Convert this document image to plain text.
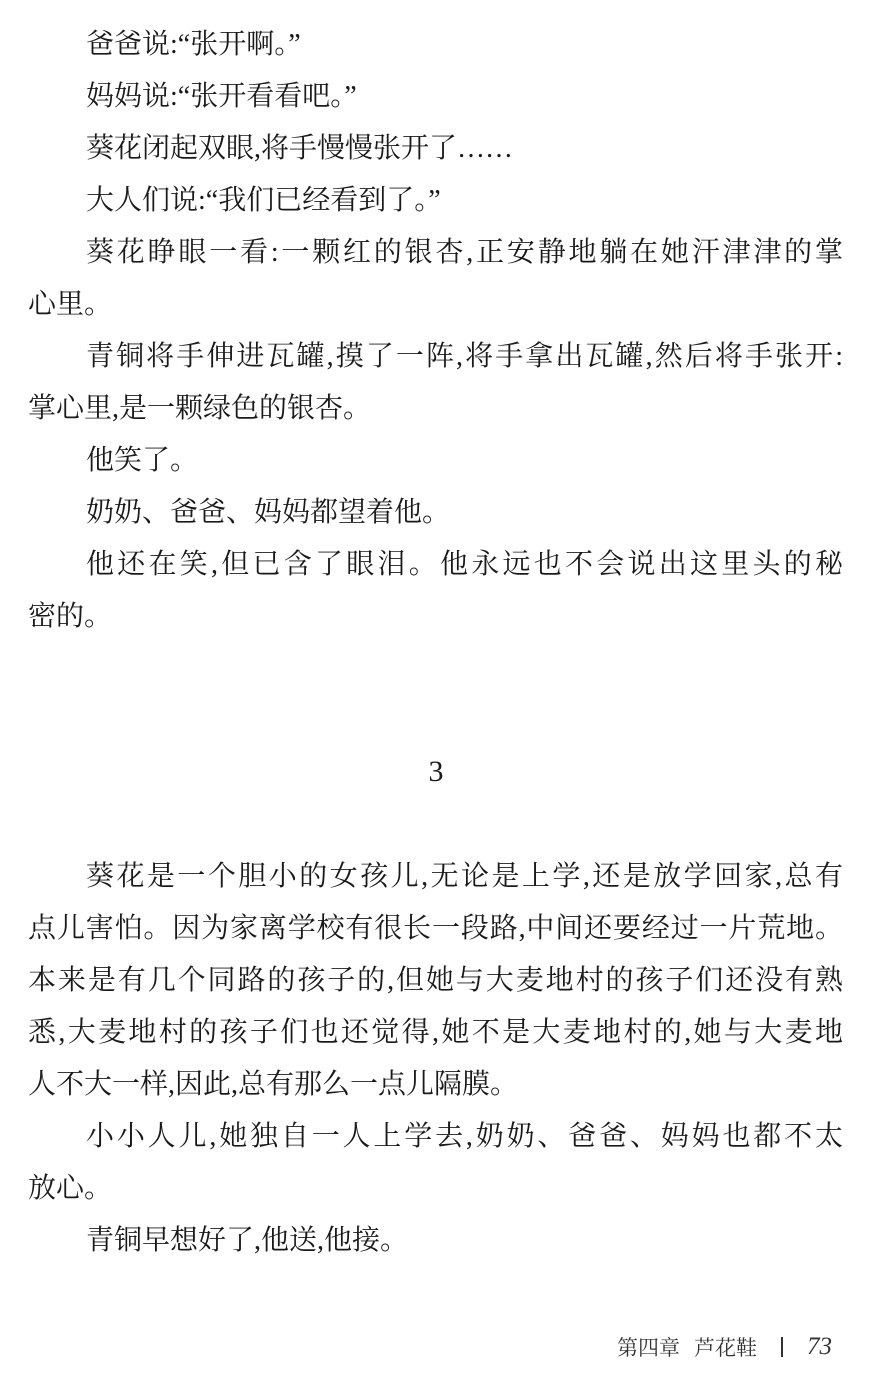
爸爸说:“张开啊。”

妈妈说:“张开看看吧。”

葵花闭起双眼,将手慢慢张开了……

大人们说:“我们已经看到了。”

葵花睁眼一看:一颗红的银杏,正安静地躺在她汗津津的掌
心里。

青铜将手伸进瓦罐,摸了一阵,将手拿出瓦罐,然后将手张开:
掌心里,是一颗绿色的银杏。

他笑了。

奶奶、爸爸、妈妈都望着他。

他还在笑,但已含了眼泪。他永远也不会说出这里头的秘
密的。

3

葵花是一个胆小的女孩儿,无论是上学,还是放学回家,总有
点儿害怕。因为家离学校有很长一段路,中间还要经过一片荒地。
本来是有几个同路的孩子的,但她与大麦地村的孩子们还没有熟
悉,大麦地村的孩子们也还觉得,她不是大麦地村的,她与大麦地
人不大一样,因此,总有那么一点儿隔膜。

小小人儿,她独自一人上学去,奶奶、爸爸、妈妈也都不太
放心。

青铜早想好了,他送,他接。

第四章 芦花鞋 73
